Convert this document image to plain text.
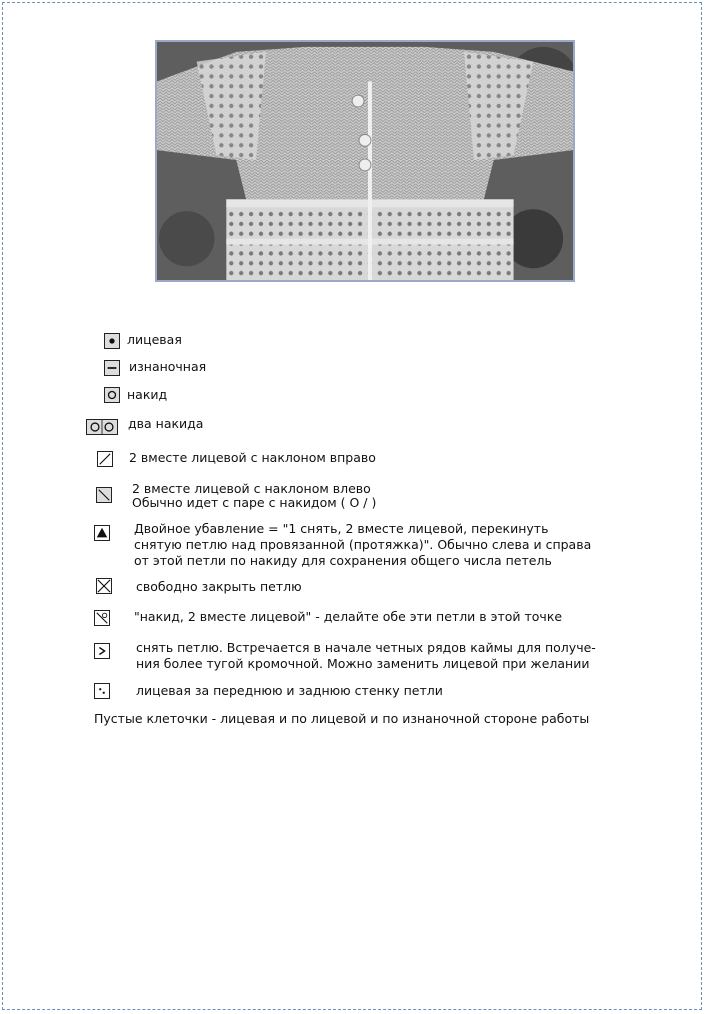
лицевая
изнаночная
накид
два накида
2 вместе лицевой с наклоном вправо
2 вместе лицевой с наклоном влево
Обычно идет с паре с накидом ( O / )
Двойное убавление = "1 снять, 2 вместе лицевой, перекинуть
снятую петлю над провязанной (протяжка)". Обычно слева и справа
от этой петли по накиду для сохранения общего числа петель
свободно закрыть петлю
"накид, 2 вместе лицевой" - делайте обе эти петли в этой точке
снять петлю. Встречается в начале четных рядов каймы для получе-
ния более тугой кромочной. Можно заменить лицевой при желании
лицевая за переднюю и заднюю стенку петли
Пустые клеточки - лицевая и по лицевой и по изнаночной стороне работы
